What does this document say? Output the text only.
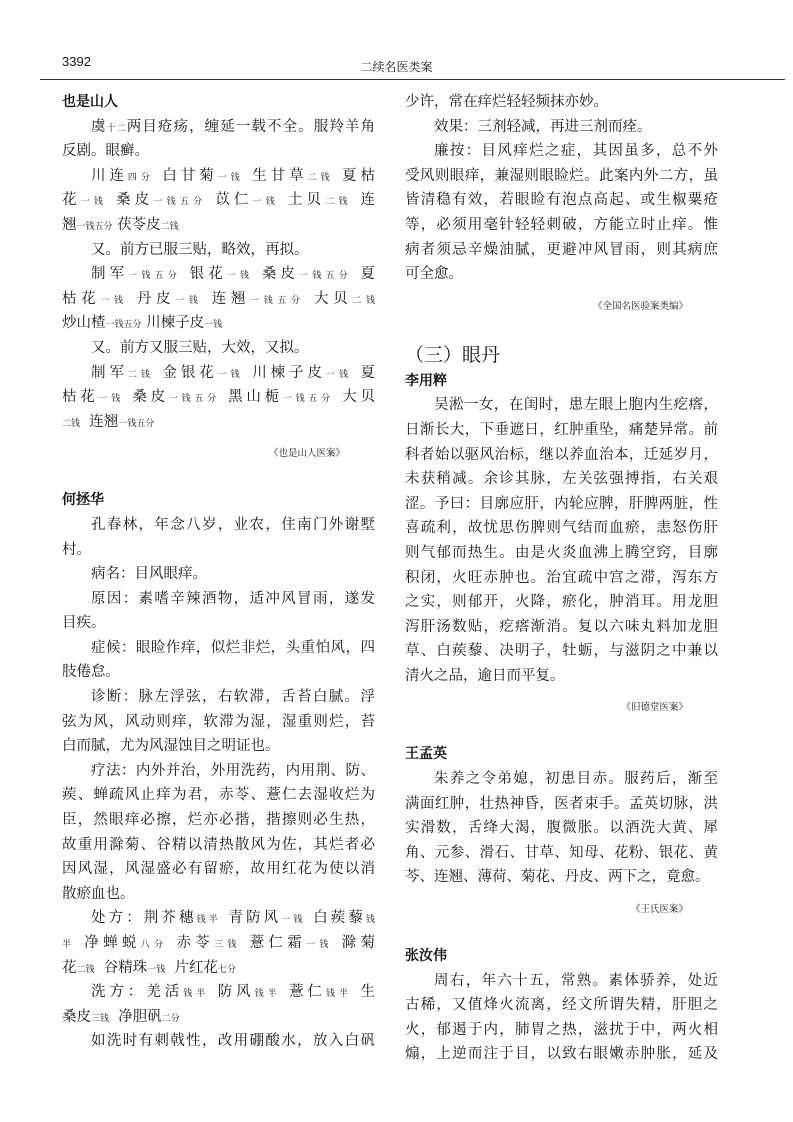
3392	二续名医类案
也是山人
虞十二两目疮疡，缠延一载不全。服羚羊角
反剧。眼癣。
川连四分 白甘菊一钱 生甘草二钱 夏枯
花一钱 桑皮一钱五分 苡仁一钱 土贝二钱 连
翘一钱五分 茯苓皮二钱
又。前方已服三贴，略效，再拟。
制军一钱五分 银花一钱 桑皮一钱五分 夏
枯花一钱 丹皮一钱 连翘一钱五分 大贝二钱
炒山楂一钱五分 川楝子皮一钱
又。前方又服三贴，大效，又拟。
制军二钱 金银花一钱 川楝子皮一钱 夏
枯花一钱 桑皮一钱五分 黑山栀一钱五分 大贝
二钱  连翘一钱五分
《也是山人医案》
何拯华
孔春林，年念八岁，业农，住南门外谢墅
村。
病名：目风眼痒。
原因：素嗜辛辣酒物，适冲风冒雨，遂发
目疾。
症候：眼睑作痒，似烂非烂，头重怕风，四
肢倦怠。
诊断：脉左浮弦，右软滞，舌苔白腻。浮
弦为风，风动则痒，软滞为湿，湿重则烂，苔
白而腻，尤为风湿蚀目之明证也。
疗法：内外并治，外用洗药，内用荆、防、
蒺、蝉疏风止痒为君，赤苓、薏仁去湿收烂为
臣，然眼痒必擦，烂亦必揩，揩擦则必生热，
故重用滁菊、谷精以清热散风为佐，其烂者必
因风湿，风湿盛必有留瘀，故用红花为使以消
散瘀血也。
处方：荆芥穗钱半 青防风一钱 白蒺藜钱
半 净蝉蜕八分 赤苓三钱 薏仁霜一钱 滁菊
花二钱  谷精珠一钱  片红花七分
洗方：羌活钱半 防风钱半 薏仁钱半 生
桑皮三钱  净胆矾二分
如洗时有刺戟性，改用硼酸水，放入白矾
少许，常在痒烂轻轻频抹亦妙。
效果：三剂轻减，再进三剂而痊。
廉按：目风痒烂之症，其因虽多，总不外
受风则眼痒，兼湿则眼睑烂。此案内外二方，虽
皆清稳有效，若眼睑有泡点高起、或生椒粟疮
等，必须用毫针轻轻刺破，方能立时止痒。惟
病者须忌辛燥油腻，更避冲风冒雨，则其病庶
可全愈。
《全国名医验案类编》
（三）眼丹
李用粹
吴淞一女，在闺时，患左眼上胞内生疙瘩，
日渐长大，下垂遮日，红肿重坠，痛楚异常。前
科者始以驱风治标，继以养血治本，迁延岁月，
未获稍减。余诊其脉，左关弦强搏指，右关艰
涩。予曰：目廓应肝，内轮应脾，肝脾两脏，性
喜疏利，故忧思伤脾则气结而血瘀，恚怒伤肝
则气郁而热生。由是火炎血沸上腾空窍，目廓
积闭，火旺赤肿也。治宜疏中宫之滞，泻东方
之实，则郁开，火降，瘀化，肿消耳。用龙胆
泻肝汤数贴，疙瘩渐消。复以六味丸料加龙胆
草、白蒺藜、决明子，牡蛎，与滋阴之中兼以
清火之品，逾日而平复。
《旧德堂医案》
王孟英
朱养之令弟媳，初患目赤。服药后，渐至
满面红肿，壮热神昏，医者束手。孟英切脉，洪
实滑数，舌绛大渴，腹微胀。以酒洗大黄、犀
角、元参、滑石、甘草、知母、花粉、银花、黄
芩、连翘、薄荷、菊花、丹皮、两下之，竟愈。
《王氏医案》
张汝伟
周右，年六十五，常熟。素体骄养，处近
古稀，又值烽火流离，经文所谓失精，肝胆之
火，郁遏于内，肺胃之热，滋扰于中，两火相
煽，上逆而注于目，以致右眼嫩赤肿胀，延及
